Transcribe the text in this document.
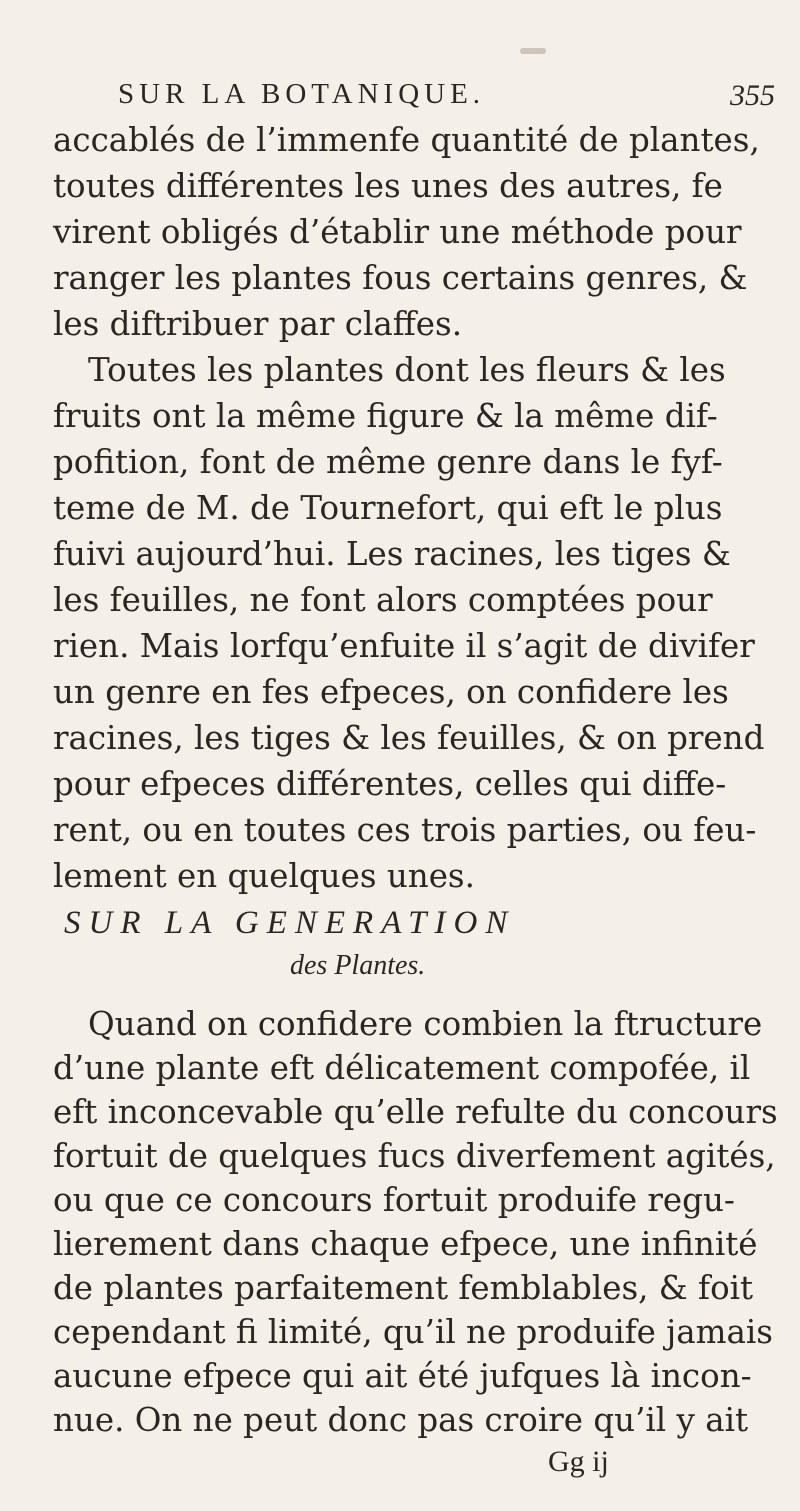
SUR LA BOTANIQUE.	355
accablés de l’immenfe quantité de plantes,
toutes différentes les unes des autres, fe
virent obligés d’établir une méthode pour
ranger les plantes fous certains genres, &
les diftribuer par claffes.
Toutes les plantes dont les fleurs & les
fruits ont la même figure & la même dif-
pofition, font de même genre dans le fyf-
teme de M. de Tournefort, qui eft le plus
fuivi aujourd’hui. Les racines, les tiges &
les feuilles, ne font alors comptées pour
rien. Mais lorfqu’enfuite il s’agit de divifer
un genre en fes efpeces, on confidere les
racines, les tiges & les feuilles, & on prend
pour efpeces différentes, celles qui diffe-
rent, ou en toutes ces trois parties, ou feu-
lement en quelques unes.
SUR LA GENERATION
des Plantes.
Quand on confidere combien la ftructure
d’une plante eft délicatement compofée, il
eft inconcevable qu’elle refulte du concours
fortuit de quelques fucs diverfement agités,
ou que ce concours fortuit produife regu-
lierement dans chaque efpece, une infinité
de plantes parfaitement femblables, & foit
cependant fi limité, qu’il ne produife jamais
aucune efpece qui ait été jufques là incon-
nue. On ne peut donc pas croire qu’il y ait
Gg ij
